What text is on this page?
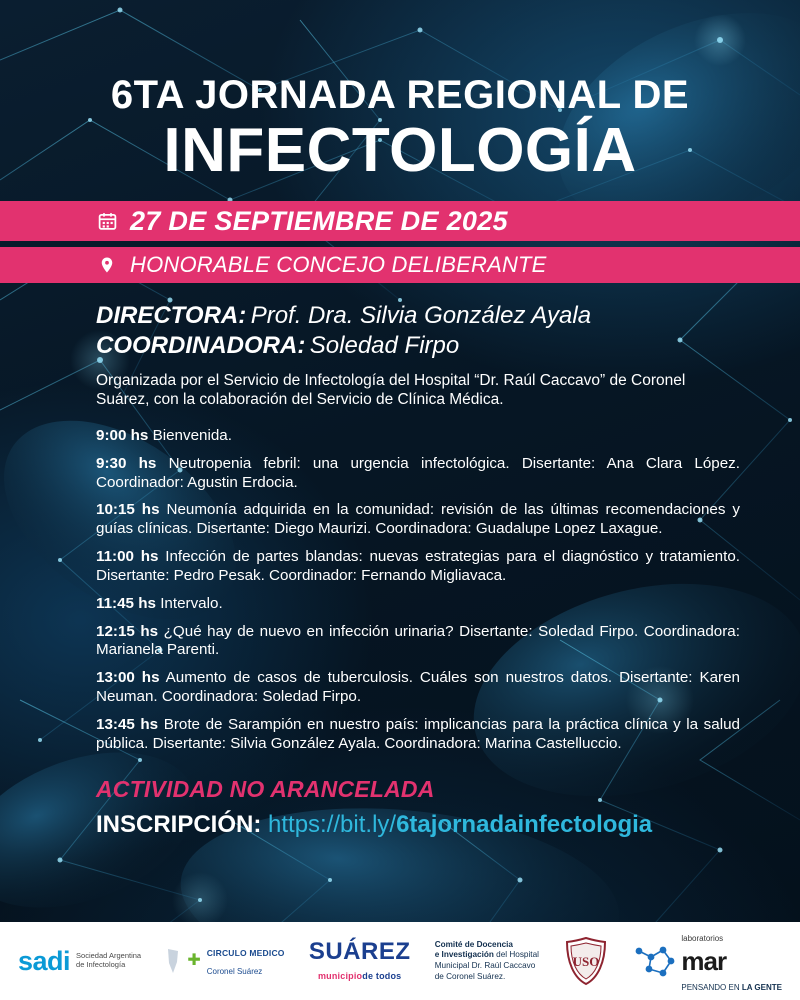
6TA JORNADA REGIONAL DE
INFECTOLOGÍA
27 DE SEPTIEMBRE DE 2025
HONORABLE CONCEJO DELIBERANTE
DIRECTORA: Prof. Dra. Silvia González Ayala
COORDINADORA: Soledad Firpo
Organizada por el Servicio de Infectología del Hospital “Dr. Raúl Caccavo” de Coronel Suárez, con la colaboración del Servicio de Clínica Médica.
9:00 hs Bienvenida.
9:30 hs Neutropenia febril: una urgencia infectológica. Disertante: Ana Clara López. Coordinador: Agustin Erdocia.
10:15 hs Neumonía adquirida en la comunidad: revisión de las últimas recomendaciones y guías clínicas. Disertante: Diego Maurizi. Coordinadora: Guadalupe Lopez Laxague.
11:00 hs Infección de partes blandas: nuevas estrategias para el diagnóstico y tratamiento. Disertante: Pedro Pesak. Coordinador: Fernando Migliavaca.
11:45 hs Intervalo.
12:15 hs ¿Qué hay de nuevo en infección urinaria? Disertante: Soledad Firpo. Coordinadora: Marianela Parenti.
13:00 hs Aumento de casos de tuberculosis. Cuáles son nuestros datos. Disertante: Karen Neuman. Coordinadora: Soledad Firpo.
13:45 hs Brote de Sarampión en nuestro país: implicancias para la práctica clínica y la salud pública. Disertante: Silvia González Ayala. Coordinadora: Marina Castelluccio.
ACTIVIDAD NO ARANCELADA
INSCRIPCIÓN: https://bit.ly/6tajornadainfectologia
sadi Sociedad Argentina
de Infectología	✚ CIRCULO MEDICO
Coronel Suárez
SUÁREZ
municipiode todos
Comité de Docencia
e Investigación del Hospital
Municipal Dr. Raúl Caccavo
de Coronel Suárez.
USO
laboratorios
mar
PENSANDO EN LA GENTE
